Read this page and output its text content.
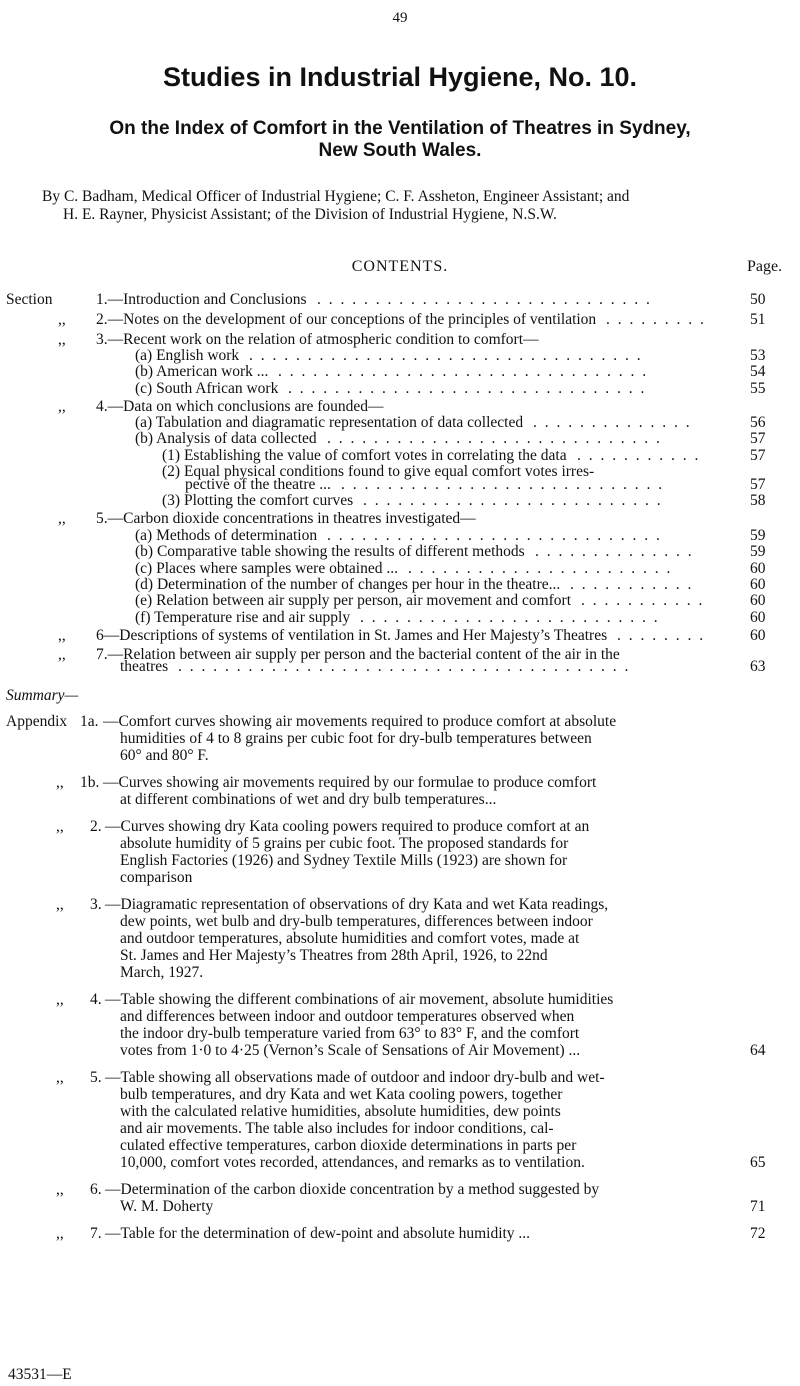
49
Studies in Industrial Hygiene, No. 10.
On the Index of Comfort in the Ventilation of Theatres in Sydney,
New South Wales.
By C. Badham, Medical Officer of Industrial Hygiene; C. F. Assheton, Engineer Assistant; and
H. E. Rayner, Physicist Assistant; of the Division of Industrial Hygiene, N.S.W.
CONTENTS.	Page.
Section	1.—Introduction and Conclusions . . . . . . . . . . . . . . . . . . . . . . . . . . . . .	50
,, 2.—Notes on the development of our conceptions of the principles of ventilation . . . . . . . . .	51
,, 3.—Recent work on the relation of atmospheric condition to comfort—
(a) English work . . . . . . . . . . . . . . . . . . . . . . . . . . . . . . . . . .	53
(b) American work ... . . . . . . . . . . . . . . . . . . . . . . . . . . . . . . . .	54
(c) South African work . . . . . . . . . . . . . . . . . . . . . . . . . . . . . . .	55
,, 4.—Data on which conclusions are founded—
(a) Tabulation and diagramatic representation of data collected . . . . . . . . . . . . . .	56
(b) Analysis of data collected . . . . . . . . . . . . . . . . . . . . . . . . . . . . .	57
(1) Establishing the value of comfort votes in correlating the data . . . . . . . . . . .	57
(2) Equal physical conditions found to give equal comfort votes irres-
pective of the theatre ... . . . . . . . . . . . . . . . . . . . . . . . . . . . .	57
(3) Plotting the comfort curves . . . . . . . . . . . . . . . . . . . . . . . . . .	58
,, 5.—Carbon dioxide concentrations in theatres investigated—
(a) Methods of determination . . . . . . . . . . . . . . . . . . . . . . . . . . . . .	59
(b) Comparative table showing the results of different methods . . . . . . . . . . . . . .	59
(c) Places where samples were obtained ... . . . . . . . . . . . . . . . . . . . . . . .	60
(d) Determination of the number of changes per hour in the theatre... . . . . . . . . . . .	60
(e) Relation between air supply per person, air movement and comfort . . . . . . . . . . .	60
(f) Temperature rise and air supply . . . . . . . . . . . . . . . . . . . . . . . . . .	60
,, 6—Descriptions of systems of ventilation in St. James and Her Majesty’s Theatres . . . . . . . .	60
,, 7.—Relation between air supply per person and the bacterial content of the air in the
theatres . . . . . . . . . . . . . . . . . . . . . . . . . . . . . . . . . . . . . . .	63
Summary—
Appendix 1a. —Comfort curves showing air movements required to produce comfort at absolute
humidities of 4 to 8 grains per cubic foot for dry-bulb temperatures between
60° and 80° F.
,, 1b. —Curves showing air movements required by our formulae to produce comfort
at different combinations of wet and dry bulb temperatures...
,, 2. —Curves showing dry Kata cooling powers required to produce comfort at an
absolute humidity of 5 grains per cubic foot. The proposed standards for
English Factories (1926) and Sydney Textile Mills (1923) are shown for
comparison
,, 3. —Diagramatic representation of observations of dry Kata and wet Kata readings,
dew points, wet bulb and dry-bulb temperatures, differences between indoor
and outdoor temperatures, absolute humidities and comfort votes, made at
St. James and Her Majesty’s Theatres from 28th April, 1926, to 22nd
March, 1927.
,, 4. —Table showing the different combinations of air movement, absolute humidities
and differences between indoor and outdoor temperatures observed when
the indoor dry-bulb temperature varied from 63° to 83° F, and the comfort
votes from 1·0 to 4·25 (Vernon’s Scale of Sensations of Air Movement) ...	64
,, 5. —Table showing all observations made of outdoor and indoor dry-bulb and wet-
bulb temperatures, and dry Kata and wet Kata cooling powers, together
with the calculated relative humidities, absolute humidities, dew points
and air movements. The table also includes for indoor conditions, cal-
culated effective temperatures, carbon dioxide determinations in parts per
10,000, comfort votes recorded, attendances, and remarks as to ventilation.	65
,, 6. —Determination of the carbon dioxide concentration by a method suggested by
W. M. Doherty	71
,, 7. —Table for the determination of dew-point and absolute humidity ...	72
43531—E
